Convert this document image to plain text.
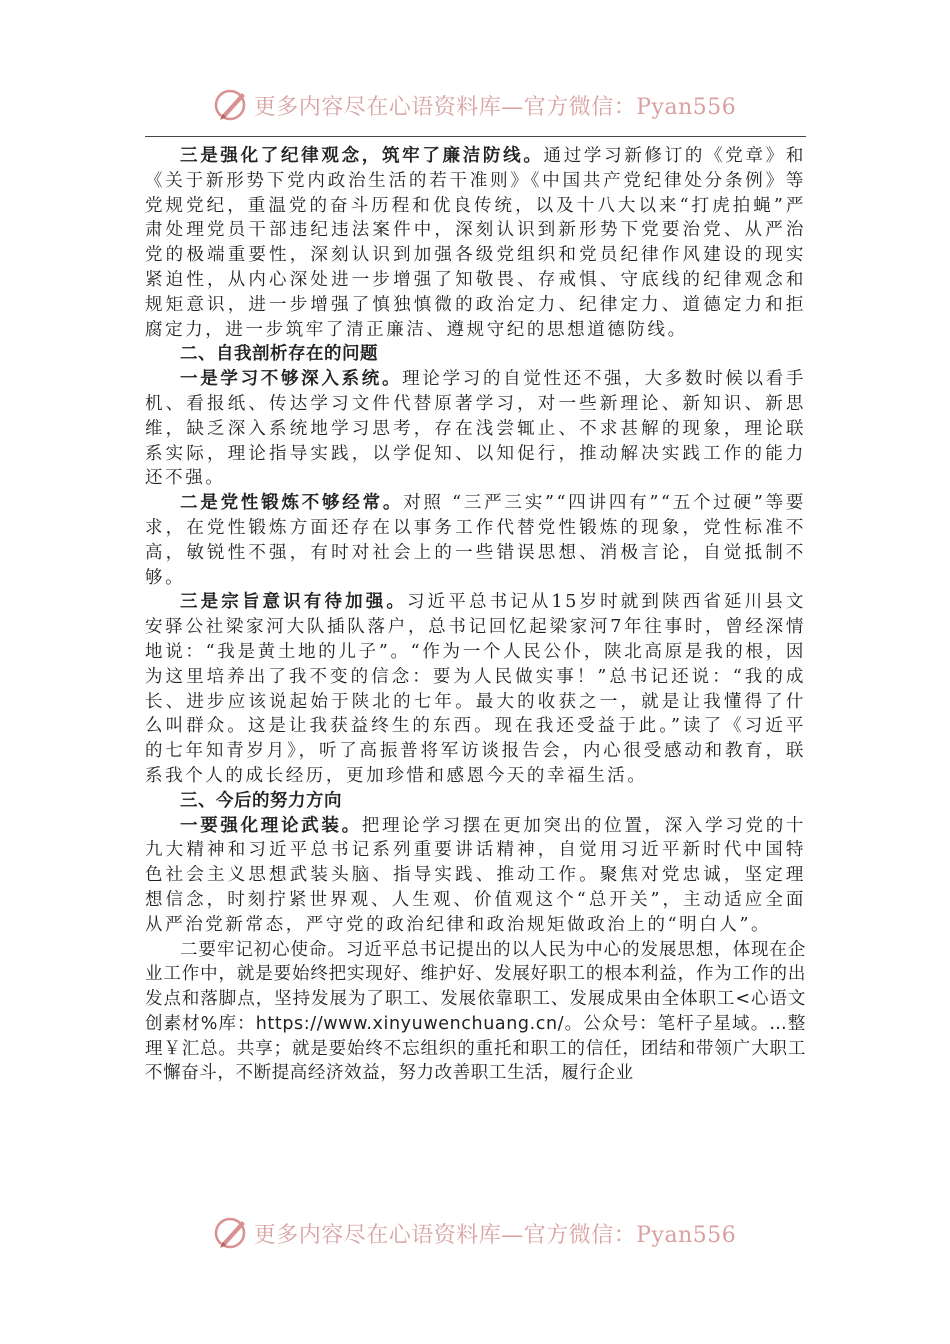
更多内容尽在心语资料库—官方微信：Pyan556

三是强化了纪律观念，筑牢了廉洁防线。通过学习新修订的《党章》和《关于新形势下党内政治生活的若干准则》《中国共产党纪律处分条例》等党规党纪，重温党的奋斗历程和优良传统，以及十八大以来“打虎拍蝇”严肃处理党员干部违纪违法案件中，深刻认识到新形势下党要治党、从严治党的极端重要性，深刻认识到加强各级党组织和党员纪律作风建设的现实紧迫性，从内心深处进一步增强了知敬畏、存戒惧、守底线的纪律观念和规矩意识，进一步增强了慎独慎微的政治定力、纪律定力、道德定力和拒腐定力，进一步筑牢了清正廉洁、遵规守纪的思想道德防线。

二、自我剖析存在的问题

一是学习不够深入系统。理论学习的自觉性还不强，大多数时候以看手机、看报纸、传达学习文件代替原著学习，对一些新理论、新知识、新思维，缺乏深入系统地学习思考，存在浅尝辄止、不求甚解的现象，理论联系实际，理论指导实践，以学促知、以知促行，推动解决实践工作的能力还不强。

二是党性锻炼不够经常。对照 “三严三实”“四讲四有”“五个过硬”等要求，在党性锻炼方面还存在以事务工作代替党性锻炼的现象，党性标准不高，敏锐性不强，有时对社会上的一些错误思想、消极言论，自觉抵制不够。

三是宗旨意识有待加强。习近平总书记从15岁时就到陕西省延川县文安驿公社梁家河大队插队落户，总书记回忆起梁家河7年往事时，曾经深情地说：“我是黄土地的儿子”。“作为一个人民公仆，陕北高原是我的根，因为这里培养出了我不变的信念：要为人民做实事！”总书记还说：“我的成长、进步应该说起始于陕北的七年。最大的收获之一，就是让我懂得了什么叫群众。这是让我获益终生的东西。现在我还受益于此。”读了《习近平的七年知青岁月》，听了高振普将军访谈报告会，内心很受感动和教育，联系我个人的成长经历，更加珍惜和感恩今天的幸福生活。

三、今后的努力方向

一要强化理论武装。把理论学习摆在更加突出的位置，深入学习党的十九大精神和习近平总书记系列重要讲话精神，自觉用习近平新时代中国特色社会主义思想武装头脑、指导实践、推动工作。聚焦对党忠诚，坚定理想信念，时刻拧紧世界观、人生观、价值观这个“总开关”，主动适应全面从严治党新常态，严守党的政治纪律和政治规矩做政治上的“明白人”。

二要牢记初心使命。习近平总书记提出的以人民为中心的发展思想，体现在企业工作中，就是要始终把实现好、维护好、发展好职工的根本利益，作为工作的出发点和落脚点，坚持发展为了职工、发展依靠职工、发展成果由全体职工<心语文创素材%库：https://www.xinyuwenchuang.cn/。公众号：笔杆子星域。…整理￥汇总。共享；就是要始终不忘组织的重托和职工的信任，团结和带领广大职工不懈奋斗，不断提高经济效益，努力改善职工生活，履行企业

更多内容尽在心语资料库—官方微信：Pyan556
